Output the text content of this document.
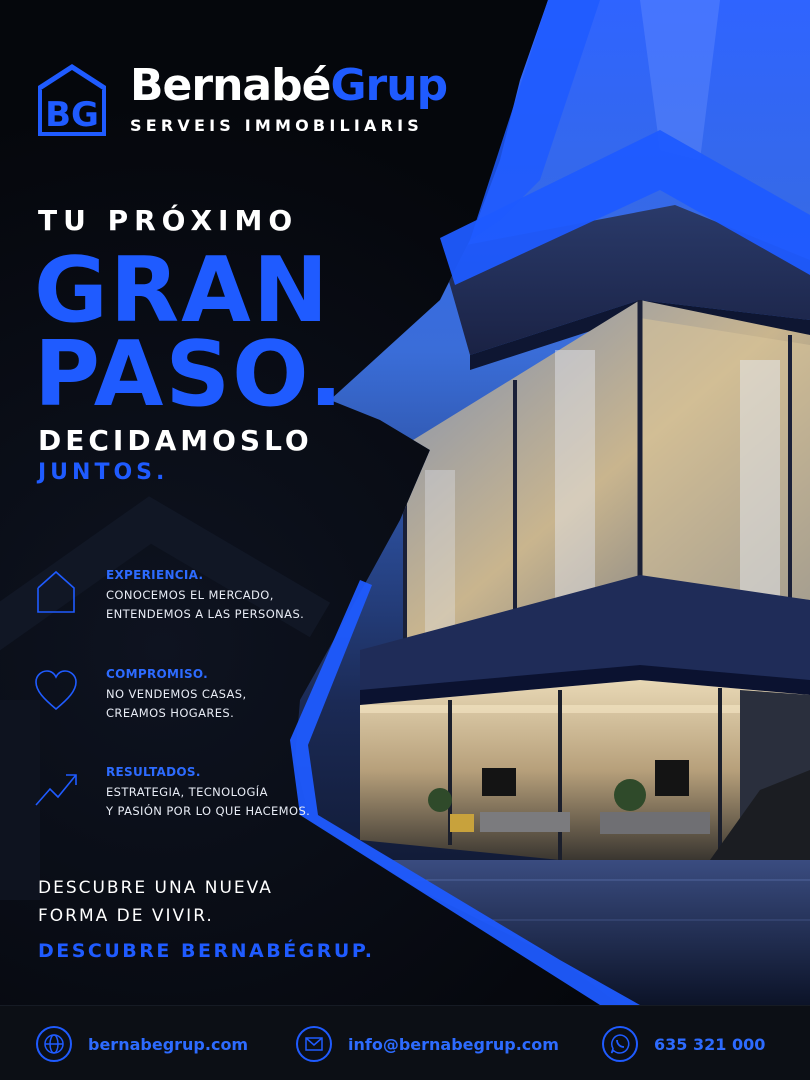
BG
BernabéGrup
SERVEIS IMMOBILIARIS
TU PRÓXIMO
GRAN
PASO.
DECIDAMOSLO
JUNTOS.
EXPERIENCIA.
CONOCEMOS EL MERCADO,
ENTENDEMOS A LAS PERSONAS.
COMPROMISO.
NO VENDEMOS CASAS,
CREAMOS HOGARES.
RESULTADOS.
ESTRATEGIA, TECNOLOGÍA
Y PASIÓN POR LO QUE HACEMOS.
DESCUBRE UNA NUEVA
FORMA DE VIVIR.
DESCUBRE BERNABÉGRUP.
bernabegrup.com	info@bernabegrup.com	635 321 000
